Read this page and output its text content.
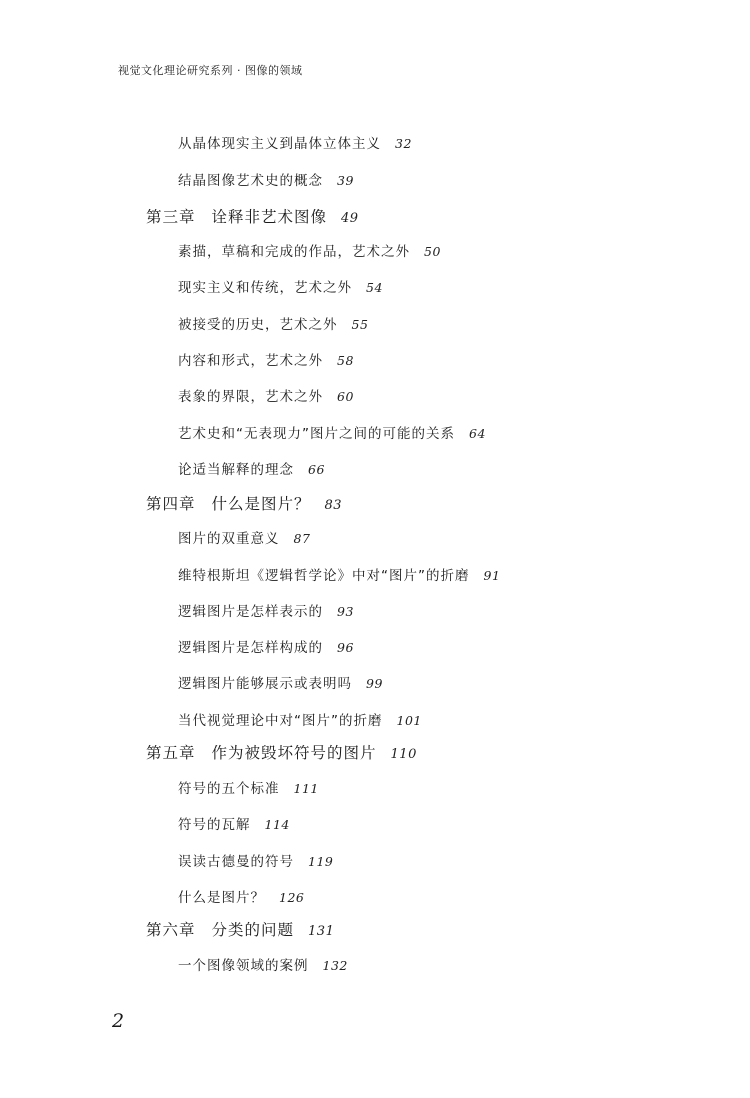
视觉文化理论研究系列 · 图像的领域
从晶体现实主义到晶体立体主义 32
结晶图像艺术史的概念 39
第三章 诠释非艺术图像 49
素描，草稿和完成的作品，艺术之外 50
现实主义和传统，艺术之外 54
被接受的历史，艺术之外 55
内容和形式，艺术之外 58
表象的界限，艺术之外 60
艺术史和“无表现力”图片之间的可能的关系 64
论适当解释的理念 66
第四章 什么是图片？ 83
图片的双重意义 87
维特根斯坦《逻辑哲学论》中对“图片”的折磨 91
逻辑图片是怎样表示的 93
逻辑图片是怎样构成的 96
逻辑图片能够展示或表明吗 99
当代视觉理论中对“图片”的折磨 101
第五章 作为被毁坏符号的图片 110
符号的五个标准 111
符号的瓦解 114
误读古德曼的符号 119
什么是图片？ 126
第六章 分类的问题 131
一个图像领域的案例 132
2
